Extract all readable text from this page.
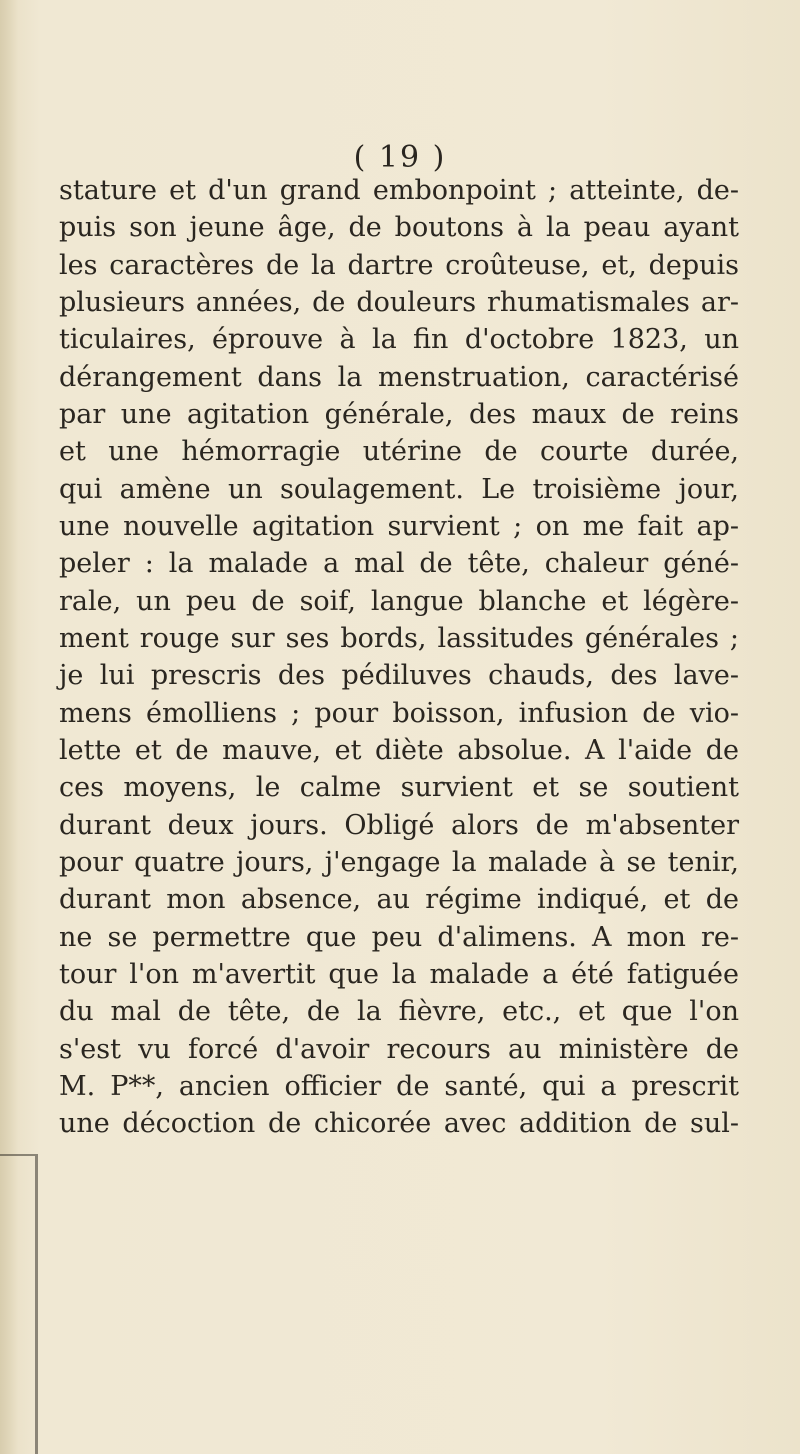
( 19 )
stature et d'un grand embonpoint ; atteinte, de-
puis son jeune âge, de boutons à la peau ayant
les caractères de la dartre croûteuse, et, depuis
plusieurs années, de douleurs rhumatismales ar-
ticulaires, éprouve à la fin d'octobre 1823, un
dérangement dans la menstruation, caractérisé
par une agitation générale, des maux de reins
et une hémorragie utérine de courte durée,
qui amène un soulagement. Le troisième jour,
une nouvelle agitation survient ; on me fait ap-
peler : la malade a mal de tête, chaleur géné-
rale, un peu de soif, langue blanche et légère-
ment rouge sur ses bords, lassitudes générales ;
je lui prescris des pédiluves chauds, des lave-
mens émolliens ; pour boisson, infusion de vio-
lette et de mauve, et diète absolue. A l'aide de
ces moyens, le calme survient et se soutient
durant deux jours. Obligé alors de m'absenter
pour quatre jours, j'engage la malade à se tenir,
durant mon absence, au régime indiqué, et de
ne se permettre que peu d'alimens. A mon re-
tour l'on m'avertit que la malade a été fatiguée
du mal de tête, de la fièvre, etc., et que l'on
s'est vu forcé d'avoir recours au ministère de
M. P**, ancien officier de santé, qui a prescrit
une décoction de chicorée avec addition de sul-
